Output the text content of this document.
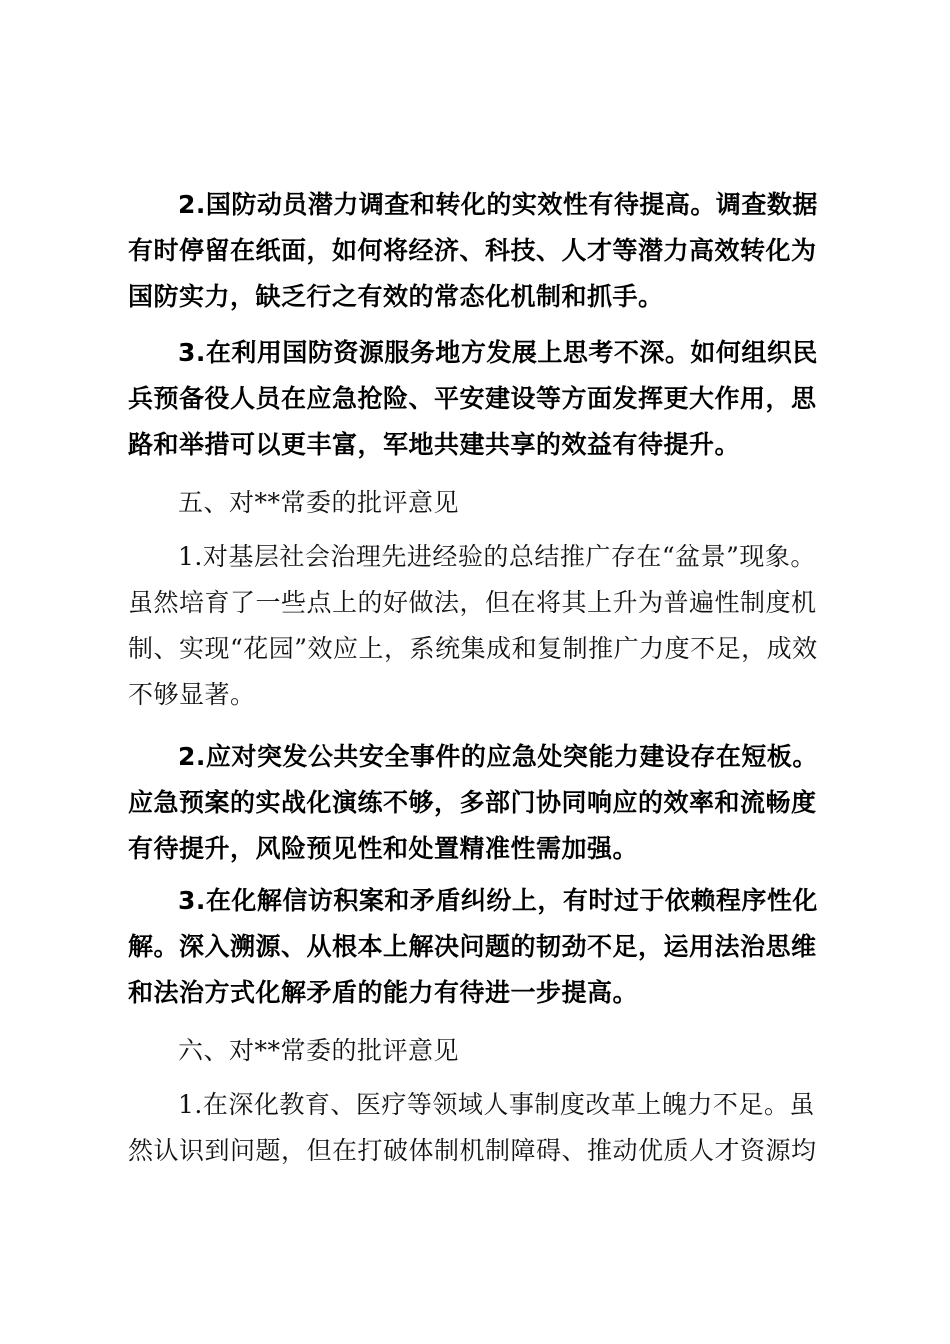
2.国防动员潜力调查和转化的实效性有待提高。调查数据有时停留在纸面，如何将经济、科技、人才等潜力高效转化为国防实力，缺乏行之有效的常态化机制和抓手。

3.在利用国防资源服务地方发展上思考不深。如何组织民兵预备役人员在应急抢险、平安建设等方面发挥更大作用，思路和举措可以更丰富，军地共建共享的效益有待提升。

五、对**常委的批评意见

1.对基层社会治理先进经验的总结推广存在“盆景”现象。虽然培育了一些点上的好做法，但在将其上升为普遍性制度机制、实现“花园”效应上，系统集成和复制推广力度不足，成效不够显著。

2.应对突发公共安全事件的应急处突能力建设存在短板。应急预案的实战化演练不够，多部门协同响应的效率和流畅度有待提升，风险预见性和处置精准性需加强。

3.在化解信访积案和矛盾纠纷上，有时过于依赖程序性化解。深入溯源、从根本上解决问题的韧劲不足，运用法治思维和法治方式化解矛盾的能力有待进一步提高。

六、对**常委的批评意见

1.在深化教育、医疗等领域人事制度改革上魄力不足。虽然认识到问题，但在打破体制机制障碍、推动优质人才资源均
